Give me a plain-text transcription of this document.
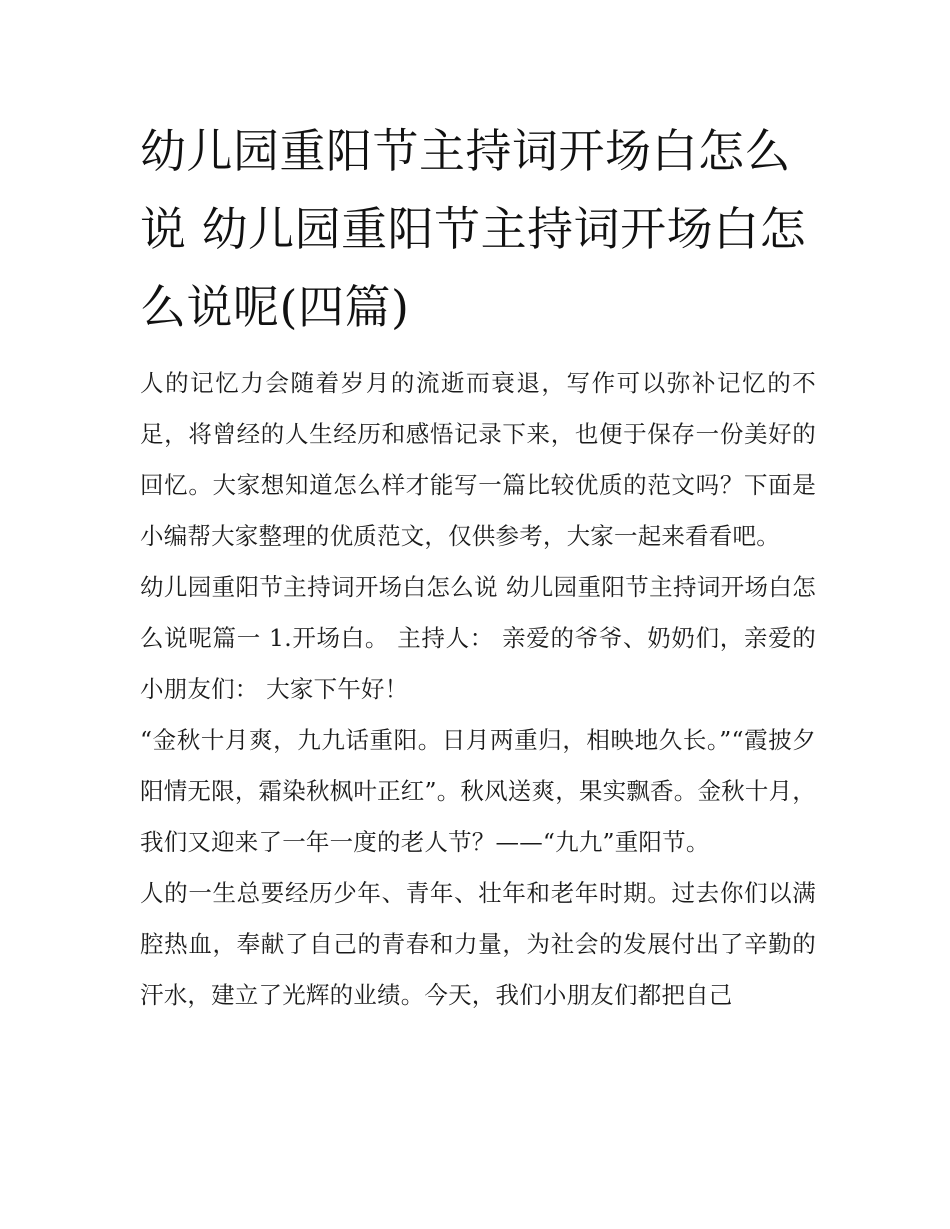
幼儿园重阳节主持词开场白怎么说 幼儿园重阳节主持词开场白怎么说呢(四篇)

人的记忆力会随着岁月的流逝而衰退，写作可以弥补记忆的不足，将曾经的人生经历和感悟记录下来，也便于保存一份美好的回忆。大家想知道怎么样才能写一篇比较优质的范文吗？下面是小编帮大家整理的优质范文，仅供参考，大家一起来看看吧。

幼儿园重阳节主持词开场白怎么说 幼儿园重阳节主持词开场白怎么说呢篇一 1.开场白。 主持人： 亲爱的爷爷、奶奶们，亲爱的小朋友们： 大家下午好！

“金秋十月爽，九九话重阳。日月两重归，相映地久长。”“霞披夕阳情无限，霜染秋枫叶正红”。秋风送爽，果实飘香。金秋十月，我们又迎来了一年一度的老人节？——“九九”重阳节。

人的一生总要经历少年、青年、壮年和老年时期。过去你们以满腔热血，奉献了自己的青春和力量，为社会的发展付出了辛勤的汗水，建立了光辉的业绩。今天，我们小朋友们都把自己
